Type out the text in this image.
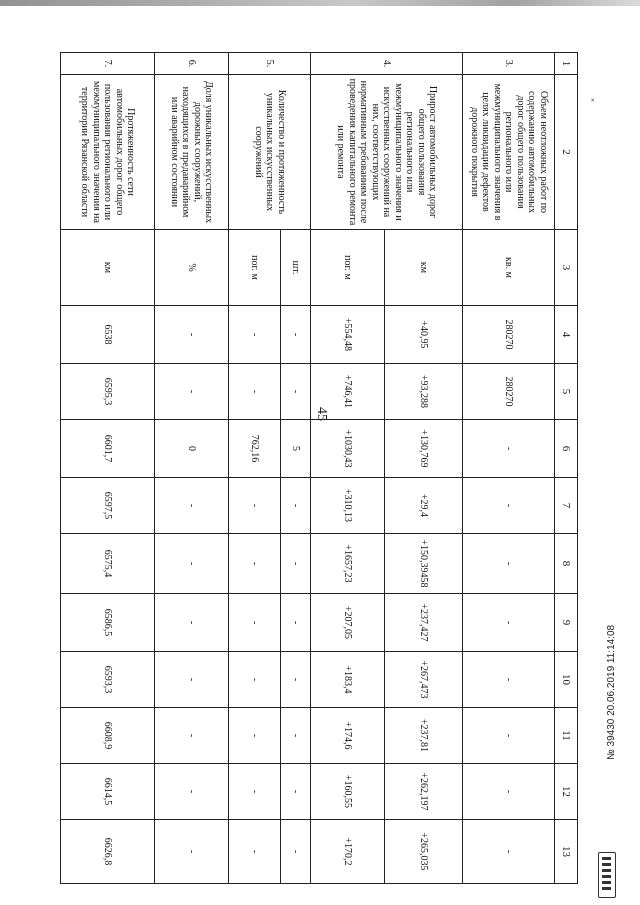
45
˟
1	2	3	4	5	6	7	8	9	10	11	12	13
3.	Объем неотложных работ по содержанию автомобильных дорог общего пользования регионального или межмуниципального значения в целях ликвидации дефектов дорожного покрытия	кв. м	280270	280270	-	-	-	-	-	-	-	-
4.	Прирост автомобильных дорог общего пользования регионального или межмуниципального значения и искусственных сооружений на них, соответствующих нормативным требованиям после проведения капитального ремонта или ремонта	км	+40,95	+93,288	+130,769	+29,4	+150,39458	+237,427	+267,473	+237,81	+262,197	+265,035
		пог. м	+554,48	+746,41	+1030,43	+310,13	+1657,23	+207,05	+183,4	+174,6	+160,55	+170,2
5.	Количество и протяженность уникальных искусственных сооружений	шт.	-	-	5	-	-	-	-	-	-	-
		пог. м	-	-	762,16	-	-	-	-	-	-	-
6.	Доля уникальных искусственных дорожных сооружений, находящихся в предаварийном или аварийном состоянии	%	-	-	0	-	-	-	-	-	-	-
7.	Протяженность сети автомобильных дорог общего пользования регионального или межмуниципального значения на территории Рязанской области	км	6538	6595,3	6601,7	6597,5	6575,4	6586,5	6593,3	6608,9	6614,5	6626,8
№ 39430 20.06.2019 11:14:08
